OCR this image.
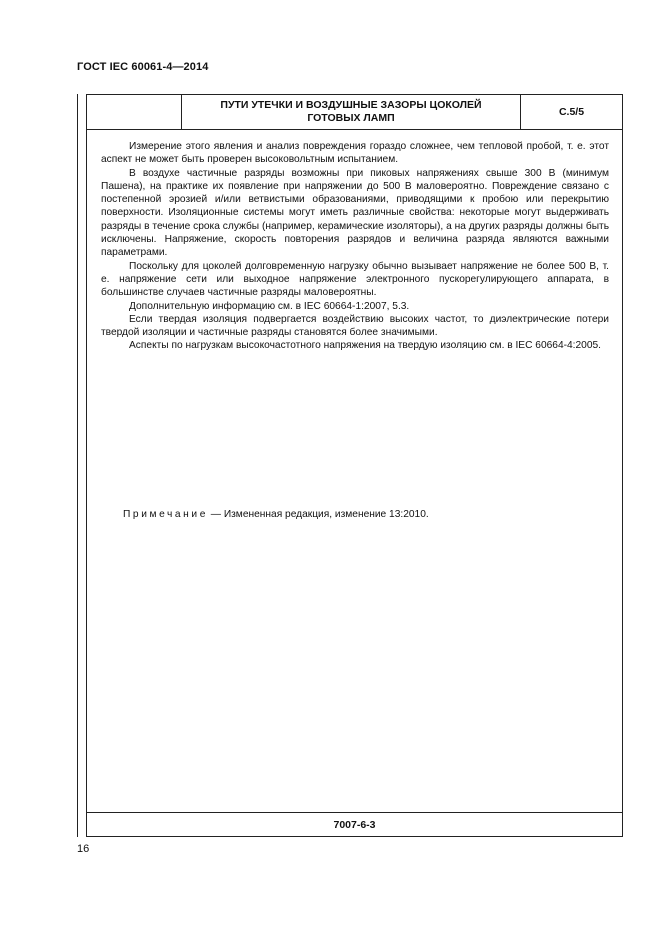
ГОСТ IEC 60061-4—2014
ПУТИ УТЕЧКИ И ВОЗДУШНЫЕ ЗАЗОРЫ ЦОКОЛЕЙ
ГОТОВЫХ ЛАМП	С.5/5

Измерение этого явления и анализ повреждения гораздо сложнее, чем тепловой пробой, т. е. этот аспект не может быть проверен высоковольтным испытанием.

В воздухе частичные разряды возможны при пиковых напряжениях свыше 300 В (минимум Пашена), на практике их появление при напряжении до 500 В маловероятно. Повреждение связано с постепенной эрозией и/или ветвистыми образованиями, приводящими к пробою или перекрытию поверхности. Изоляционные системы могут иметь различные свойства: некоторые могут выдерживать разряды в течение срока службы (например, керамические изоляторы), а на других разряды должны быть исключены. Напряжение, скорость повторения разрядов и величина разряда являются важными параметрами.

Поскольку для цоколей долговременную нагрузку обычно вызывает напряжение не более 500 В, т. е. напряжение сети или выходное напряжение электронного пускорегулирующего аппарата, в большинстве случаев частичные разряды маловероятны.

Дополнительную информацию см. в IEC 60664-1:2007, 5.3.

Если твердая изоляция подвергается воздействию высоких частот, то диэлектрические потери твердой изоляции и частичные разряды становятся более значимыми.

Аспекты по нагрузкам высокочастотного напряжения на твердую изоляцию см. в IEC 60664-4:2005.

Примечание — Измененная редакция, изменение 13:2010.
7007-6-3
16
